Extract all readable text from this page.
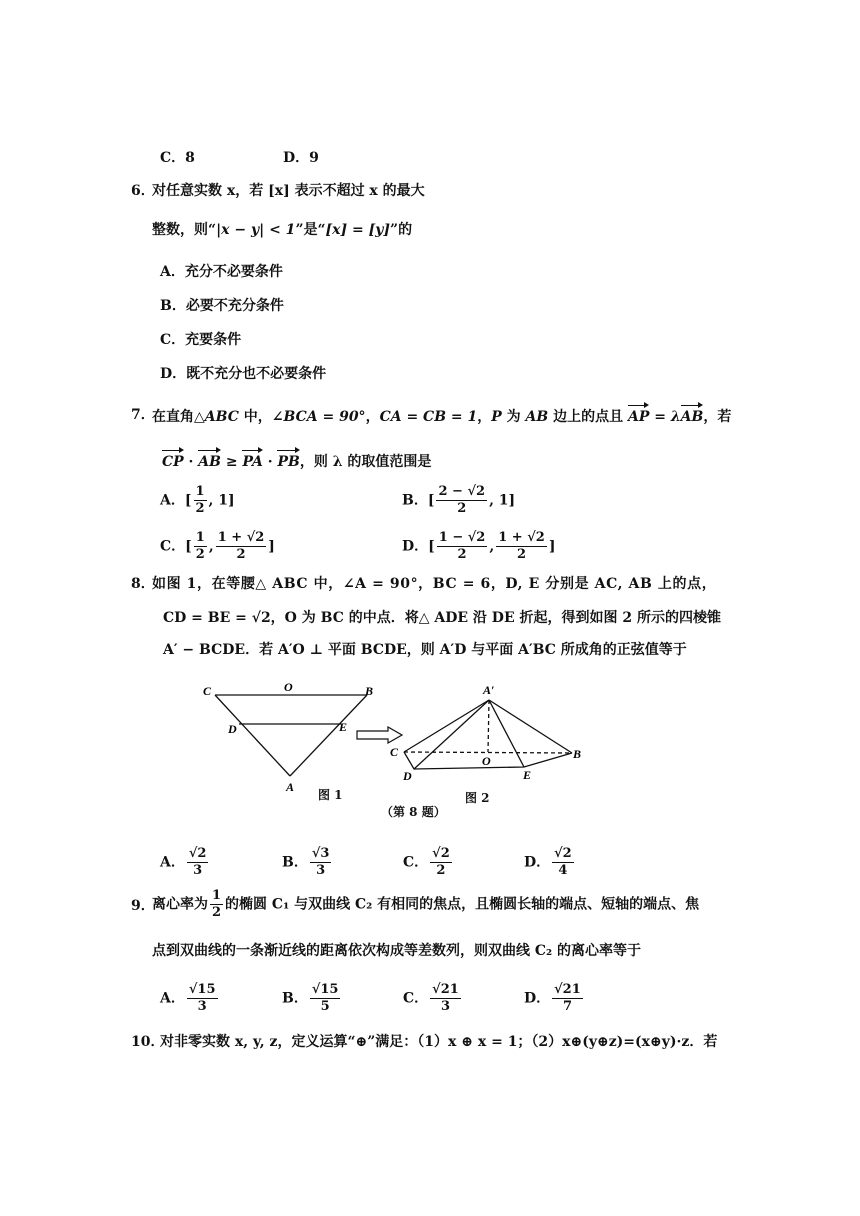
C．8	D．9
6．
对任意实数 x，若 [x] 表示不超过 x 的最大
整数，则“|x − y| < 1”是“[x] = [y]”的
A．充分不必要条件
B．必要不充分条件
C．充要条件
D．既不充分也不必要条件
7．
在直角△ABC 中，∠BCA = 90°，CA = CB = 1，P 为 AB 边上的点且 AP = λAB，若
CP · AB ≥ PA · PB，则 λ 的取值范围是
A．[ $\frac{1}{2}$ , 1]	B．[ $\frac{2 - √2}{2}$ , 1]
C．[ $\frac{1}{2}$ , $\frac{1 + √2}{2}$ ]	D．[ $\frac{1 - √2}{2}$ , $\frac{1 + √2}{2}$ ]
8．
如图 1，在等腰△ ABC 中，∠A = 90°，BC = 6，D, E 分别是 AC, AB 上的点，
CD = BE = √2，O 为 BC 的中点．将△ ADE 沿 DE 折起，得到如图 2 所示的四棱锥
A′ − BCDE．若 A′O ⊥ 平面 BCDE，则 A′D 与平面 A′BC 所成角的正弦值等于
C	O	B
D	E
A
图 1
A′
C
O	B
D	E
图 2
（第 8 题）
A． $\frac{√2}{3}$	B． $\frac{√3}{3}$	C． $\frac{√2}{2}$	D． $\frac{√2}{4}$
9．
离心率为 $\frac{1}{2}$ 的椭圆 C₁ 与双曲线 C₂ 有相同的焦点，且椭圆长轴的端点、短轴的端点、焦
点到双曲线的一条渐近线的距离依次构成等差数列，则双曲线 C₂ 的离心率等于
A． $\frac{√15}{3}$	B． $\frac{√15}{5}$	C． $\frac{√21}{3}$	D． $\frac{√21}{7}$
10．
对非零实数 x, y, z，定义运算“⊕”满足：（1）x ⊕ x = 1；（2）x⊕(y⊕z)=(x⊕y)·z．若
